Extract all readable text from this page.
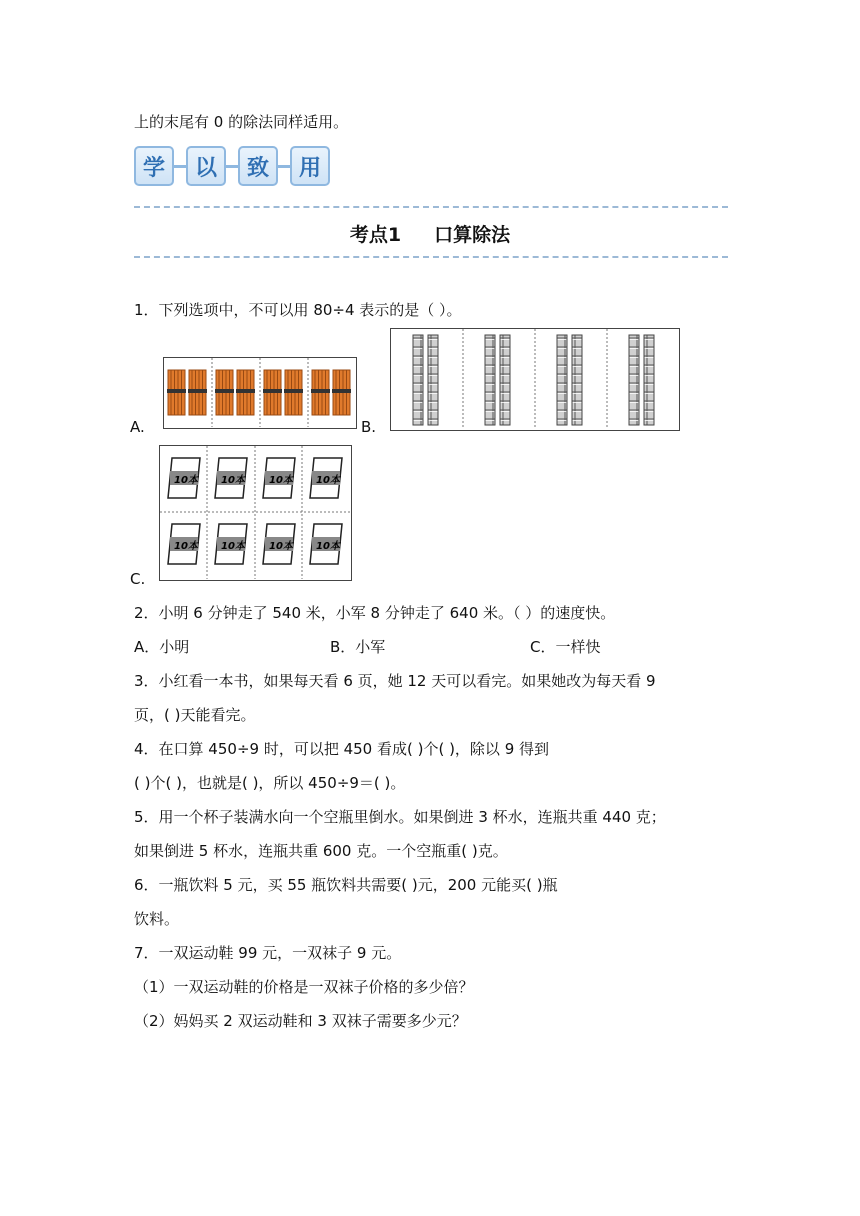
上的末尾有 0 的除法同样适用。
学	以	致	用
考点1     口算除法
1．下列选项中，不可以用 80÷4 表示的是（ ）。
A.	B.
C.
10本 10本 10本 10本
10本 10本 10本 10本
2．小明 6 分钟走了 540 米，小军 8 分钟走了 640 米。（ ）的速度快。
A．小明	B．小军	C．一样快
3．小红看一本书，如果每天看 6 页，她 12 天可以看完。如果她改为每天看 9
页，( )天能看完。
4．在口算 450÷9 时，可以把 450 看成( )个( )，除以 9 得到
( )个( )，也就是( )，所以 450÷9＝( )。
5．用一个杯子装满水向一个空瓶里倒水。如果倒进 3 杯水，连瓶共重 440 克；
如果倒进 5 杯水，连瓶共重 600 克。一个空瓶重( )克。
6．一瓶饮料 5 元，买 55 瓶饮料共需要( )元，200 元能买( )瓶
饮料。
7．一双运动鞋 99 元，一双袜子 9 元。
（1）一双运动鞋的价格是一双袜子价格的多少倍？
（2）妈妈买 2 双运动鞋和 3 双袜子需要多少元？
